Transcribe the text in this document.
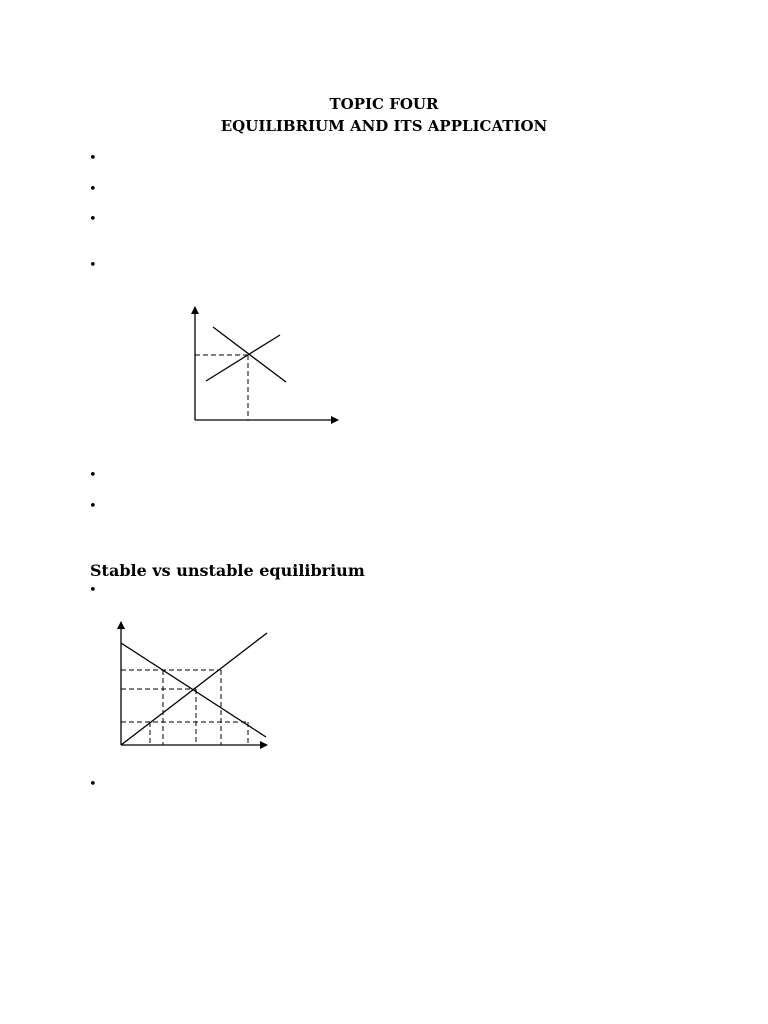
TOPIC FOUR
EQUILIBRIUM AND ITS APPLICATION
•
•
•
•
•
•
Stable vs unstable equilibrium
•
•
